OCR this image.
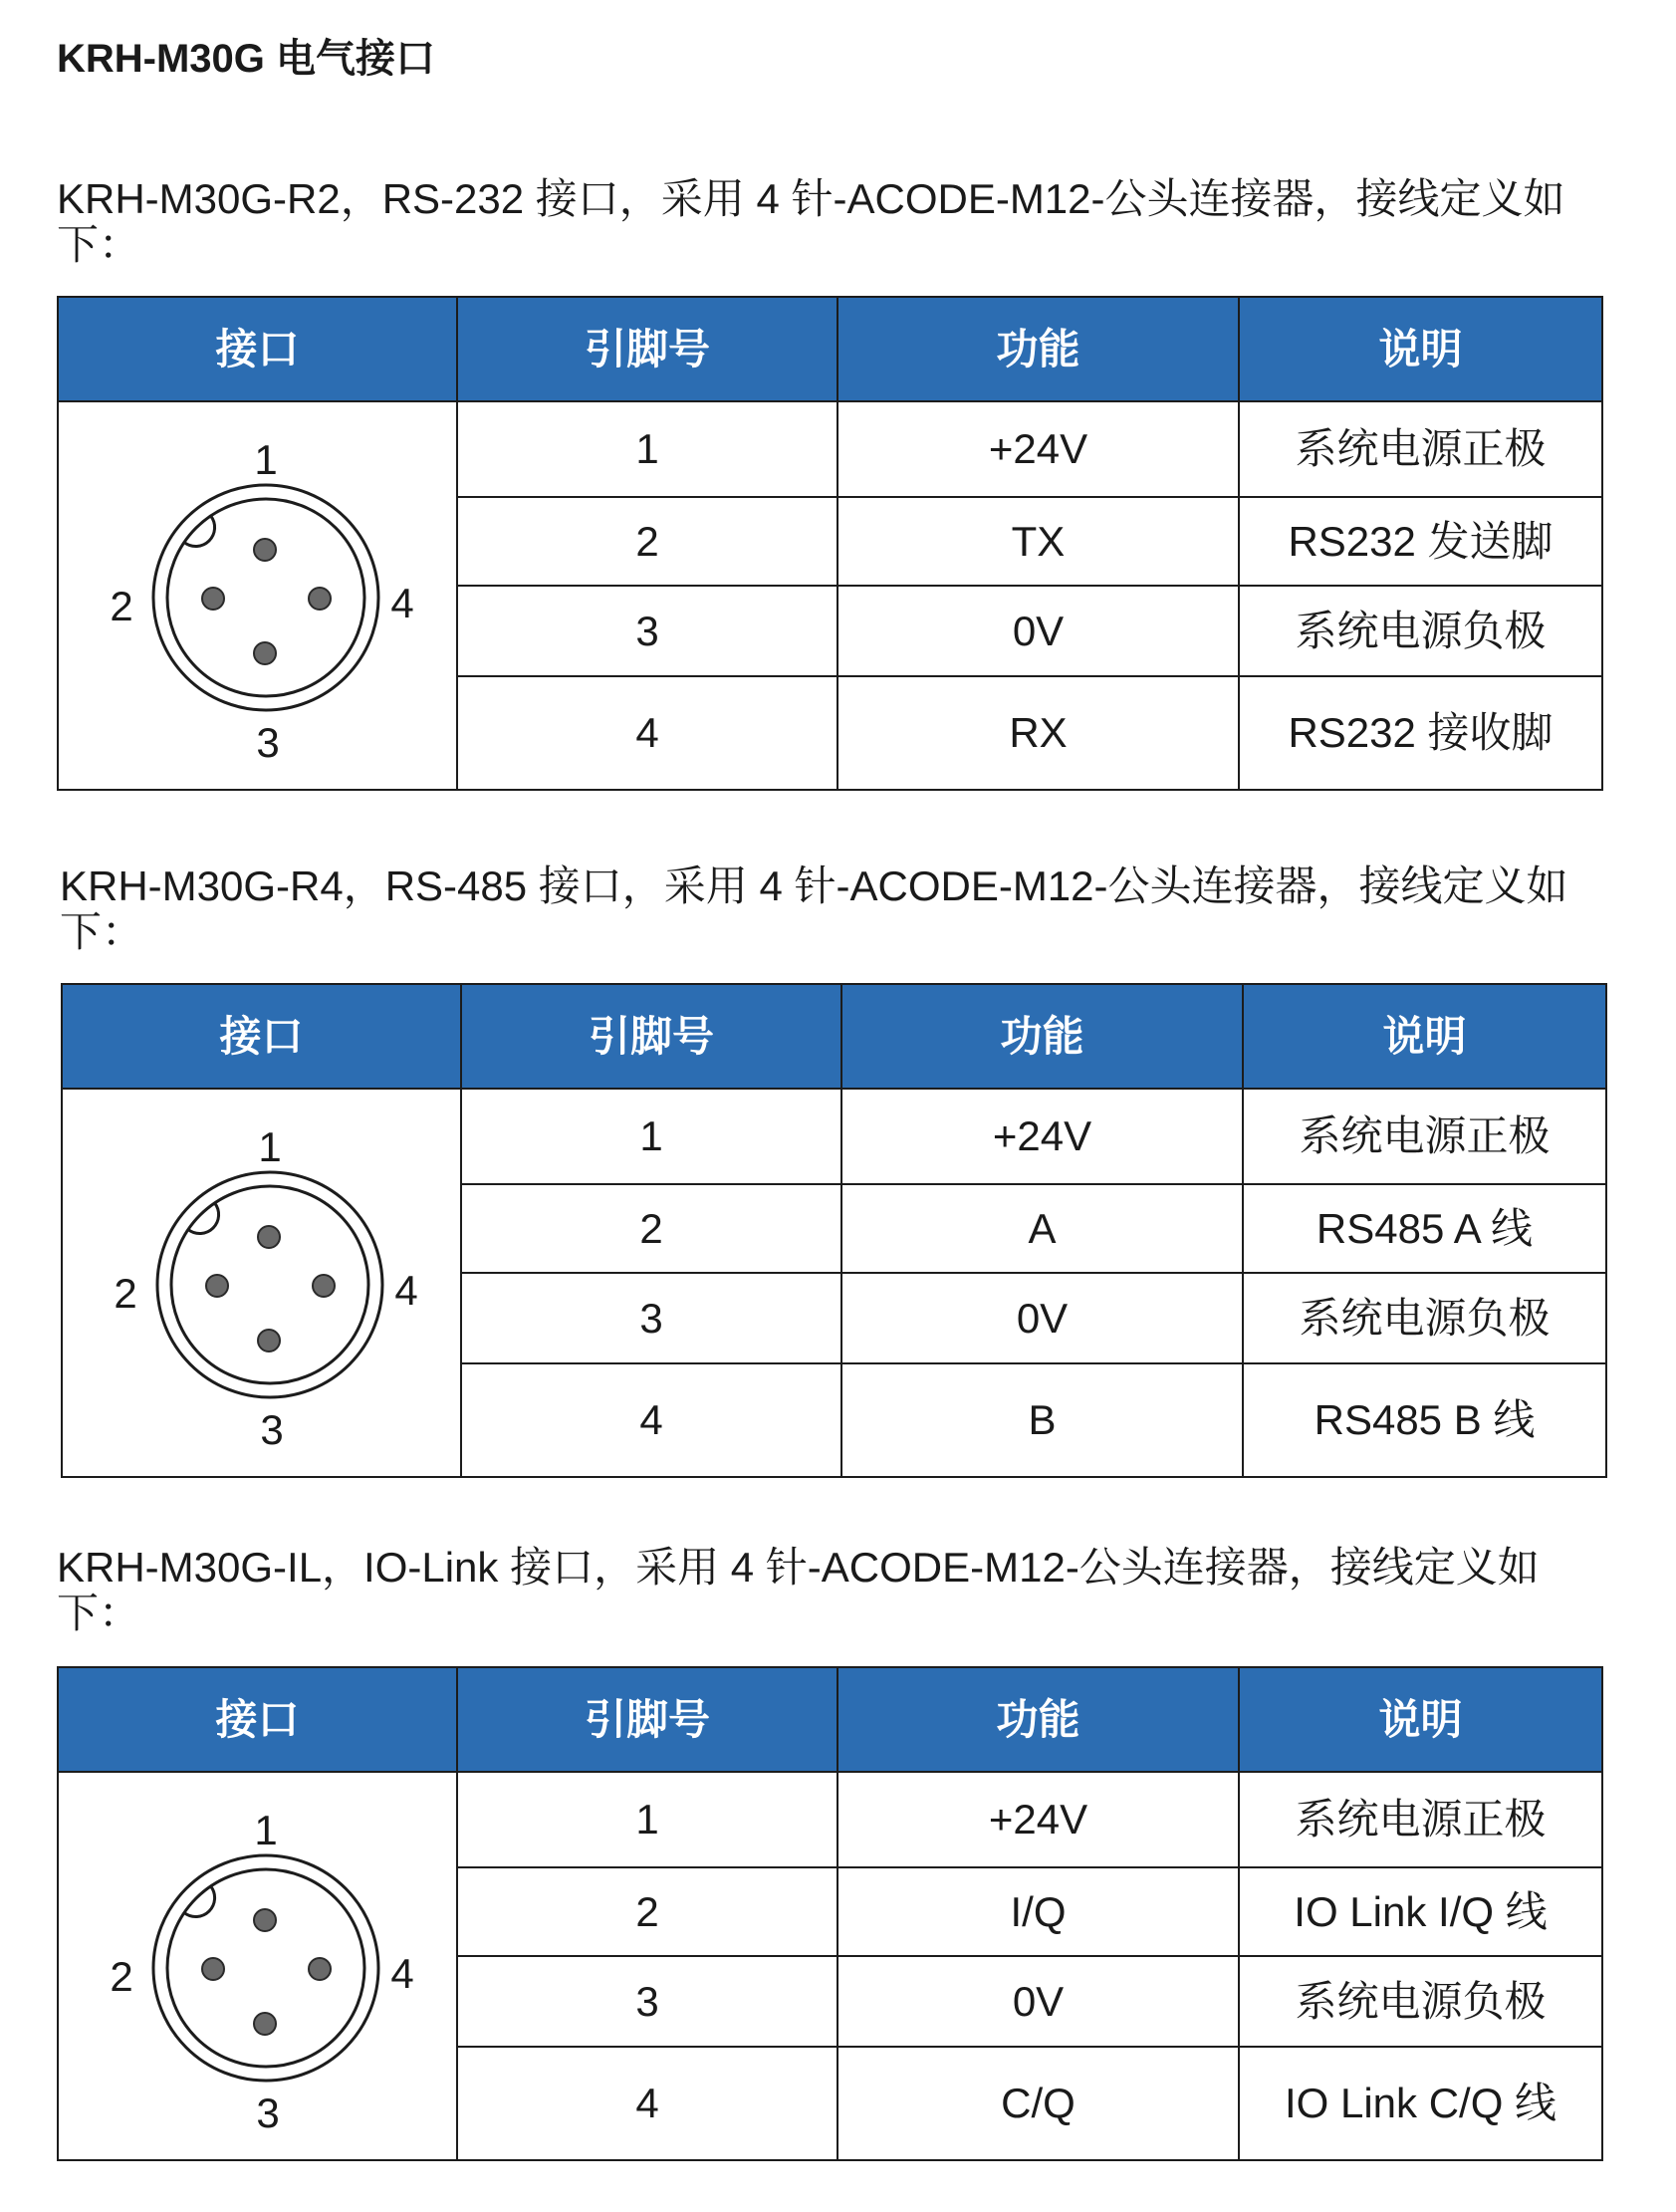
KRH-M30G 电气接口

KRH-M30G-R2，RS-232 接口，采用 4 针-ACODE-M12-公头连接器，接线定义如下：

接口	引脚号	功能	说明
	1	+24V	系统电源正极
	2	TX	RS232 发送脚
	3	0V	系统电源负极
	4	RX	RS232 接收脚
1
2	4
3

KRH-M30G-R4，RS-485 接口，采用 4 针-ACODE-M12-公头连接器，接线定义如下：

接口	引脚号	功能	说明
	1	+24V	系统电源正极
	2	A	RS485 A 线
	3	0V	系统电源负极
	4	B	RS485 B 线
1
2	4
3

KRH-M30G-IL，IO-Link 接口，采用 4 针-ACODE-M12-公头连接器，接线定义如下：

接口	引脚号	功能	说明
	1	+24V	系统电源正极
	2	I/Q	IO Link I/Q 线
	3	0V	系统电源负极
	4	C/Q	IO Link C/Q 线
1
2	4
3
